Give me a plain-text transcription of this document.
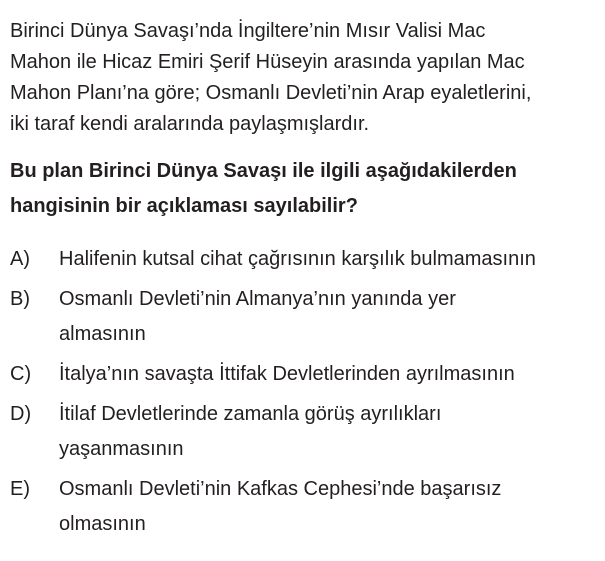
Birinci Dünya Savaşı’nda İngiltere’nin Mısır Valisi Mac

Mahon ile Hicaz Emiri Şerif Hüseyin arasında yapılan Mac

Mahon Planı’na göre; Osmanlı Devleti’nin Arap eyaletlerini,

iki taraf kendi aralarında paylaşmışlardır.

Bu plan Birinci Dünya Savaşı ile ilgili aşağıdakilerden

hangisinin bir açıklaması sayılabilir?

A)	Halifenin kutsal cihat çağrısının karşılık bulmamasının
B)	Osmanlı Devleti’nin Almanya’nın yanında yer
almasının
C)	İtalya’nın savaşta İttifak Devletlerinden ayrılmasının
D)	İtilaf Devletlerinde zamanla görüş ayrılıkları
yaşanmasının
E)	Osmanlı Devleti’nin Kafkas Cephesi’nde başarısız
olmasının
